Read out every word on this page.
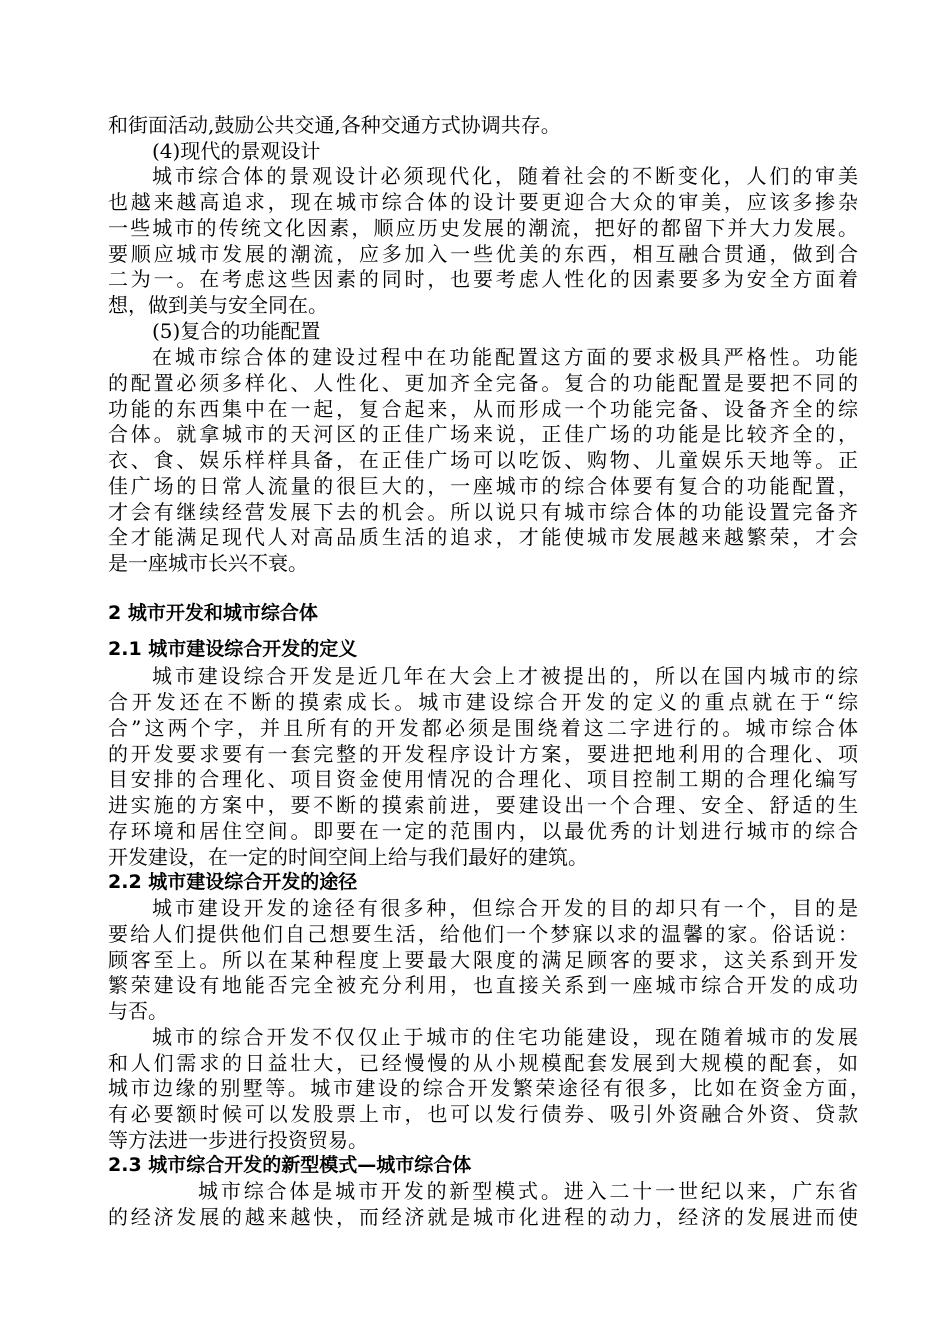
和街面活动,鼓励公共交通,各种交通方式协调共存。
(4)现代的景观设计
城市综合体的景观设计必须现代化，随着社会的不断变化，人们的审美
也越来越高追求，现在城市综合体的设计要更迎合大众的审美，应该多掺杂
一些城市的传统文化因素，顺应历史发展的潮流，把好的都留下并大力发展。
要顺应城市发展的潮流，应多加入一些优美的东西，相互融合贯通，做到合
二为一。在考虑这些因素的同时，也要考虑人性化的因素要多为安全方面着
想，做到美与安全同在。
(5)复合的功能配置
在城市综合体的建设过程中在功能配置这方面的要求极具严格性。功能
的配置必须多样化、人性化、更加齐全完备。复合的功能配置是要把不同的
功能的东西集中在一起，复合起来，从而形成一个功能完备、设备齐全的综
合体。就拿城市的天河区的正佳广场来说，正佳广场的功能是比较齐全的，
衣、食、娱乐样样具备，在正佳广场可以吃饭、购物、儿童娱乐天地等。正
佳广场的日常人流量的很巨大的，一座城市的综合体要有复合的功能配置，
才会有继续经营发展下去的机会。所以说只有城市综合体的功能设置完备齐
全才能满足现代人对高品质生活的追求，才能使城市发展越来越繁荣，才会
是一座城市长兴不衰。
2 城市开发和城市综合体
2.1 城市建设综合开发的定义
城市建设综合开发是近几年在大会上才被提出的，所以在国内城市的综
合开发还在不断的摸索成长。城市建设综合开发的定义的重点就在于“综
合”这两个字，并且所有的开发都必须是围绕着这二字进行的。城市综合体
的开发要求要有一套完整的开发程序设计方案，要进把地利用的合理化、项
目安排的合理化、项目资金使用情况的合理化、项目控制工期的合理化编写
进实施的方案中，要不断的摸索前进，要建设出一个合理、安全、舒适的生
存环境和居住空间。即要在一定的范围内，以最优秀的计划进行城市的综合
开发建设，在一定的时间空间上给与我们最好的建筑。
2.2 城市建设综合开发的途径
城市建设开发的途径有很多种，但综合开发的目的却只有一个，目的是
要给人们提供他们自己想要生活，给他们一个梦寐以求的温馨的家。俗话说：
顾客至上。所以在某种程度上要最大限度的满足顾客的要求，这关系到开发
繁荣建设有地能否完全被充分利用，也直接关系到一座城市综合开发的成功
与否。
城市的综合开发不仅仅止于城市的住宅功能建设，现在随着城市的发展
和人们需求的日益壮大，已经慢慢的从小规模配套发展到大规模的配套，如
城市边缘的别墅等。城市建设的综合开发繁荣途径有很多，比如在资金方面，
有必要额时候可以发股票上市，也可以发行债券、吸引外资融合外资、贷款
等方法进一步进行投资贸易。
2.3 城市综合开发的新型模式—城市综合体
城市综合体是城市开发的新型模式。进入二十一世纪以来，广东省
的经济发展的越来越快，而经济就是城市化进程的动力，经济的发展进而使
